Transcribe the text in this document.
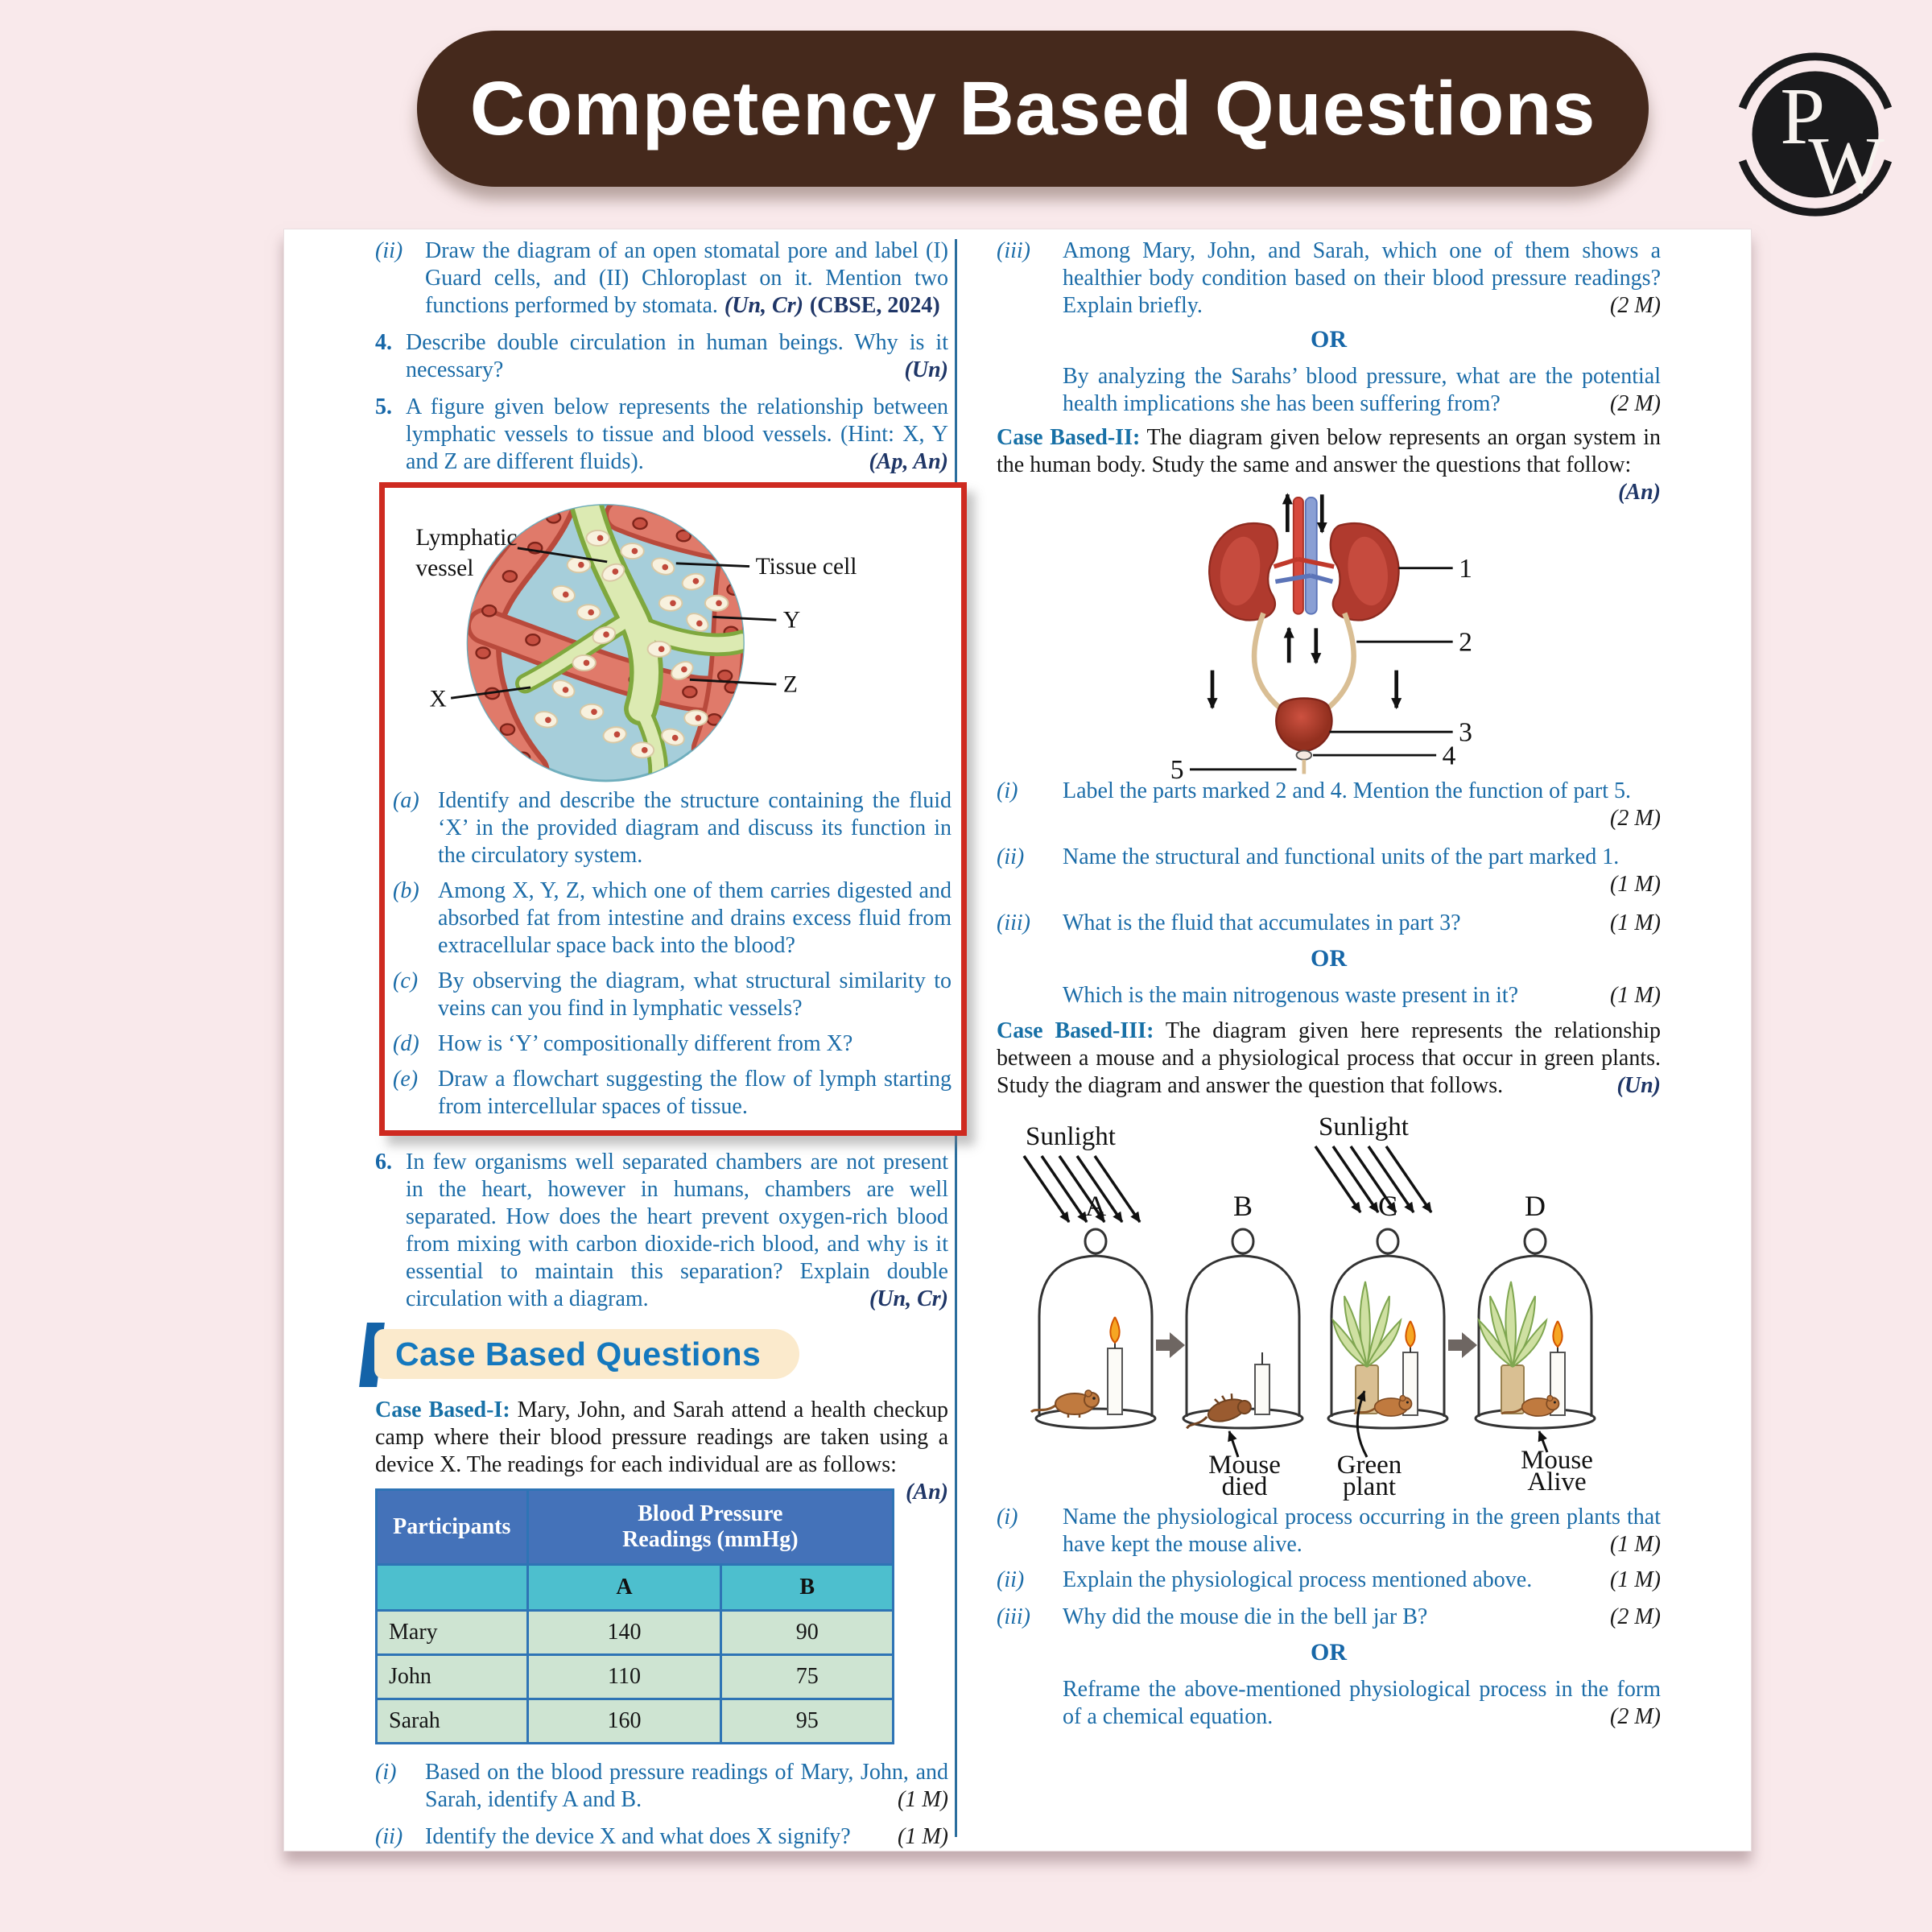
Competency Based Questions P
W
(ii) Draw the diagram of an open stomatal pore and label (I) Guard cells, and (II) Chloroplast on it. Mention two functions performed by stomata. (Un, Cr) (CBSE, 2024)
4. Describe double circulation in human beings. Why is it necessary?	(Un)
5. A figure given below represents the relationship between lymphatic vessels to tissue and blood vessels. (Hint: X, Y and Z are different fluids).	(Ap, An)
Lymphatic
vessel	Tissue cell
X
Y
Z
(a) Identify and describe the structure containing the fluid ‘X’ in the provided diagram and discuss its function in the circulatory system.
(b) Among X, Y, Z, which one of them carries digested and absorbed fat from intestine and drains excess fluid from extracellular space back into the blood?
(c) By observing the diagram, what structural similarity to veins can you find in lymphatic vessels?
(d) How is ‘Y’ compositionally different from X?
(e) Draw a flowchart suggesting the flow of lymph starting from intercellular spaces of tissue.
6. In few organisms well separated chambers are not present in the heart, however in humans, chambers are well separated. How does the heart prevent oxygen-rich blood from mixing with carbon dioxide-rich blood, and why is it essential to maintain this separation? Explain double circulation with a diagram.	(Un, Cr)
Case Based Questions

Case Based-I: Mary, John, and Sarah attend a health checkup camp where their blood pressure readings are taken using a device X. The readings for each individual are as follows:
(An)

Participants	Blood Pressure
Readings (mmHg)	

	A	B
Mary	140	90
John	110	75
Sarah	160	95
(i)	Based on the blood pressure readings of Mary, John, and Sarah, identify A and B.	(1 M)
(ii) Identify the device X and what does X signify? (1 M)
(iii)	Among Mary, John, and Sarah, which one of them shows a healthier body condition based on their blood pressure readings? Explain briefly.	(2 M)
OR
By analyzing the Sarahs’ blood pressure, what are the potential health implications she has been suffering from?	(2 M)

Case Based-II: The diagram given below represents an organ system in the human body. Study the same and answer the questions that follow:
(An)

1
2
3
4
5
(i)	Label the parts marked 2 and 4. Mention the function of part 5.
(2 M)
(ii)	Name the structural and functional units of the part marked 1.
(1 M)
(iii)	What is the fluid that accumulates in part 3?	(1 M)
OR
Which is the main nitrogenous waste present in it?	(1 M)

Case Based-III: The diagram given here represents the relationship between a mouse and a physiological process that occur in green plants. Study the diagram and answer the question that follows.	(Un)

Sunlight	Sunlight
A	B	C	D
Mouse
died
Green
plant
Mouse
Alive
(i)	Name the physiological process occurring in the green plants that have kept the mouse alive.	(1 M)
(ii)	Explain the physiological process mentioned above.	(1 M)
(iii)	Why did the mouse die in the bell jar B?	(2 M)
OR
Reframe the above-mentioned physiological process in the form of a chemical equation.	(2 M)
